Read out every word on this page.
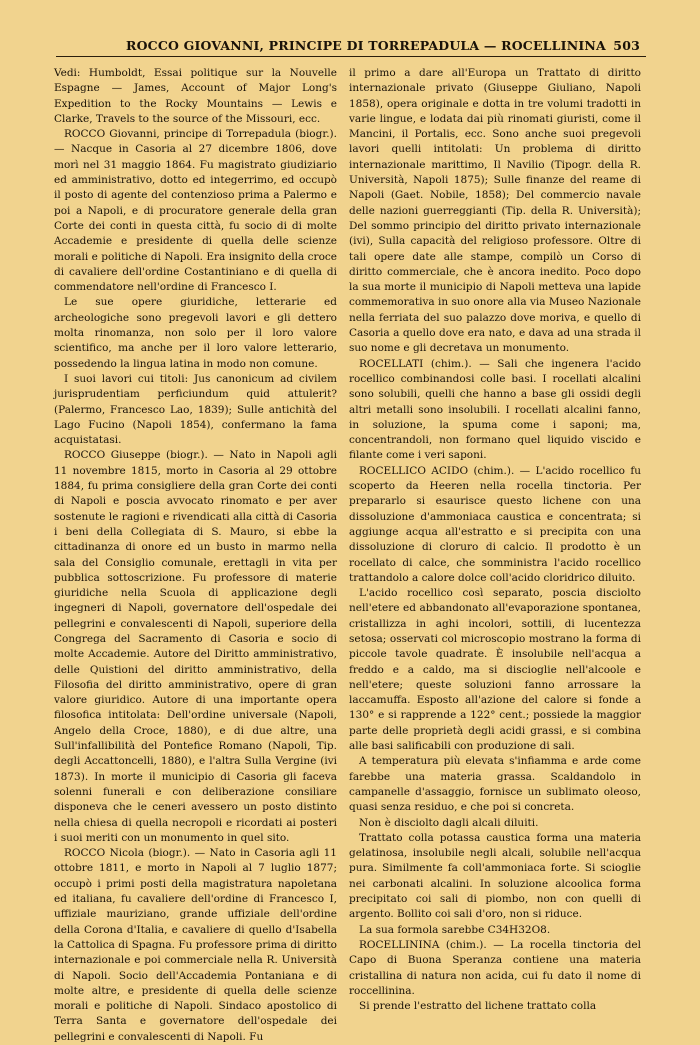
ROCCO GIOVANNI, PRINCIPE DI TORREPADULA — ROCELLININA 503

Vedi: Humboldt, Essai politique sur la Nouvelle Espagne — James, Account of Major Long's Expedition to the Rocky Mountains — Lewis e Clarke, Travels to the source of the Missouri, ecc.

ROCCO Giovanni, principe di Torrepadula (biogr.). — Nacque in Casoria al 27 dicembre 1806, dove morì nel 31 maggio 1864. Fu magistrato giudiziario ed amministrativo, dotto ed integerrimo, ed occupò il posto di agente del contenzioso prima a Palermo e poi a Napoli, e di procuratore generale della gran Corte dei conti in questa città, fu socio di di molte Accademie e presidente di quella delle scienze morali e politiche di Napoli. Era insignito della croce di cavaliere dell'ordine Costantiniano e di quella di commendatore nell'ordine di Francesco I.

Le sue opere giuridiche, letterarie ed archeologiche sono pregevoli lavori e gli dettero molta rinomanza, non solo per il loro valore scientifico, ma anche per il loro valore letterario, possedendo la lingua latina in modo non comune.

I suoi lavori cui titoli: Jus canonicum ad civilem jurisprudentiam perficiundum quid attulerit? (Palermo, Francesco Lao, 1839); Sulle antichità del Lago Fucino (Napoli 1854), confermano la fama acquistatasi.

ROCCO Giuseppe (biogr.). — Nato in Napoli agli 11 novembre 1815, morto in Casoria al 29 ottobre 1884, fu prima consigliere della gran Corte dei conti di Napoli e poscia avvocato rinomato e per aver sostenute le ragioni e rivendicati alla città di Casoria i beni della Collegiata di S. Mauro, si ebbe la cittadinanza di onore ed un busto in marmo nella sala del Consiglio comunale, erettagli in vita per pubblica sottoscrizione. Fu professore di materie giuridiche nella Scuola di applicazione degli ingegneri di Napoli, governatore dell'ospedale dei pellegrini e convalescenti di Napoli, superiore della Congrega del Sacramento di Casoria e socio di molte Accademie. Autore del Diritto amministrativo, delle Quistioni del diritto amministrativo, della Filosofia del diritto amministrativo, opere di gran valore giuridico. Autore di una importante opera filosofica intitolata: Dell'ordine universale (Napoli, Angelo della Croce, 1880), e di due altre, una Sull'infallibilità del Pontefice Romano (Napoli, Tip. degli Accattoncelli, 1880), e l'altra Sulla Vergine (ivi 1873). In morte il municipio di Casoria gli faceva solenni funerali e con deliberazione consiliare disponeva che le ceneri avessero un posto distinto nella chiesa di quella necropoli e ricordati ai posteri i suoi meriti con un monumento in quel sito.

ROCCO Nicola (biogr.). — Nato in Casoria agli 11 ottobre 1811, e morto in Napoli al 7 luglio 1877; occupò i primi posti della magistratura napoletana ed italiana, fu cavaliere dell'ordine di Francesco I, uffiziale mauriziano, grande uffiziale dell'ordine della Corona d'Italia, e cavaliere di quello d'Isabella la Cattolica di Spagna. Fu professore prima di diritto internazionale e poi commerciale nella R. Università di Napoli. Socio dell'Accademia Pontaniana e di molte altre, e presidente di quella delle scienze morali e politiche di Napoli. Sindaco apostolico di Terra Santa e governatore dell'ospedale dei pellegrini e convalescenti di Napoli. Fu

il primo a dare all'Europa un Trattato di diritto internazionale privato (Giuseppe Giuliano, Napoli 1858), opera originale e dotta in tre volumi tradotti in varie lingue, e lodata dai più rinomati giuristi, come il Mancini, il Portalis, ecc. Sono anche suoi pregevoli lavori quelli intitolati: Un problema di diritto internazionale marittimo, Il Navilio (Tipogr. della R. Università, Napoli 1875); Sulle finanze del reame di Napoli (Gaet. Nobile, 1858); Del commercio navale delle nazioni guerreggianti (Tip. della R. Università); Del sommo principio del diritto privato internazionale (ivi), Sulla capacità del religioso professore. Oltre di tali opere date alle stampe, compilò un Corso di diritto commerciale, che è ancora inedito. Poco dopo la sua morte il municipio di Napoli metteva una lapide commemorativa in suo onore alla via Museo Nazionale nella ferriata del suo palazzo dove moriva, e quello di Casoria a quello dove era nato, e dava ad una strada il suo nome e gli decretava un monumento.

ROCELLATI (chim.). — Sali che ingenera l'acido rocellico combinandosi colle basi. I rocellati alcalini sono solubili, quelli che hanno a base gli ossidi degli altri metalli sono insolubili. I rocellati alcalini fanno, in soluzione, la spuma come i saponi; ma, concentrandoli, non formano quel liquido viscido e filante come i veri saponi.

ROCELLICO ACIDO (chim.). — L'acido rocellico fu scoperto da Heeren nella rocella tinctoria. Per prepararlo si esaurisce questo lichene con una dissoluzione d'ammoniaca caustica e concentrata; si aggiunge acqua all'estratto e si precipita con una dissoluzione di cloruro di calcio. Il prodotto è un rocellato di calce, che somministra l'acido rocellico trattandolo a calore dolce coll'acido cloridrico diluito.

L'acido rocellico così separato, poscia disciolto nell'etere ed abbandonato all'evaporazione spontanea, cristallizza in aghi incolori, sottili, di lucentezza setosa; osservati col microscopio mostrano la forma di piccole tavole quadrate. È insolubile nell'acqua a freddo e a caldo, ma si discioglie nell'alcoole e nell'etere; queste soluzioni fanno arrossare la laccamuffa. Esposto all'azione del calore si fonde a 130° e si rapprende a 122° cent.; possiede la maggior parte delle proprietà degli acidi grassi, e si combina alle basi salificabili con produzione di sali.

A temperatura più elevata s'infiamma e arde come farebbe una materia grassa. Scaldandolo in campanelle d'assaggio, fornisce un sublimato oleoso, quasi senza residuo, e che poi si concreta.

Non è disciolto dagli alcali diluiti.

Trattato colla potassa caustica forma una materia gelatinosa, insolubile negli alcali, solubile nell'acqua pura. Similmente fa coll'ammoniaca forte. Si scioglie nei carbonati alcalini. In soluzione alcoolica forma precipitato coi sali di piombo, non con quelli di argento. Bollito coi sali d'oro, non si riduce.

La sua formola sarebbe C34H32O8.

ROCELLININA (chim.). — La rocella tinctoria del Capo di Buona Speranza contiene una materia cristallina di natura non acida, cui fu dato il nome di roccellinina.

Si prende l'estratto del lichene trattato colla
